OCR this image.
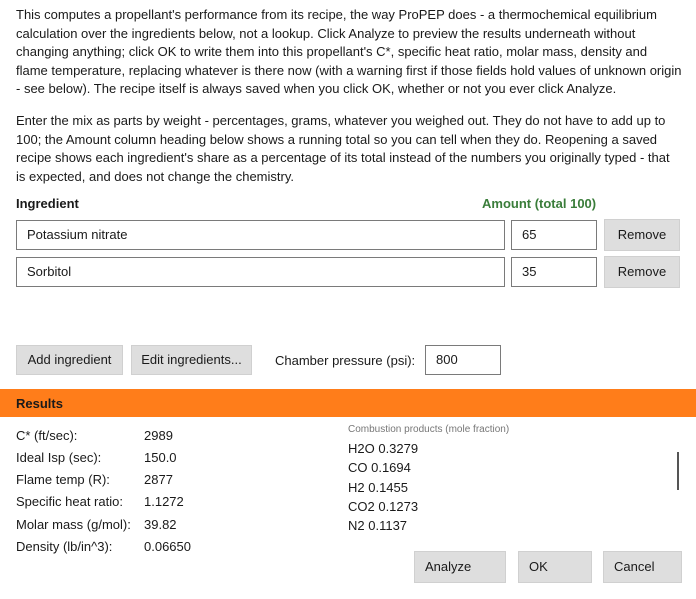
This computes a propellant's performance from its recipe, the way ProPEP does - a thermochemical equilibrium calculation over the ingredients below, not a lookup. Click Analyze to preview the results underneath without changing anything; click OK to write them into this propellant's C*, specific heat ratio, molar mass, density and flame temperature, replacing whatever is there now (with a warning first if those fields hold values of unknown origin - see below). The recipe itself is always saved when you click OK, whether or not you ever click Analyze.
Enter the mix as parts by weight - percentages, grams, whatever you weighed out. They do not have to add up to 100; the Amount column heading below shows a running total so you can tell when they do. Reopening a saved recipe shows each ingredient's share as a percentage of its total instead of the numbers you originally typed - that is expected, and does not change the chemistry.
Ingredient	Amount (total 100)
Potassium nitrate	65	Remove
Sorbitol	35	Remove
Add ingredient	Edit ingredients...	Chamber pressure (psi):	800
Results
C* (ft/sec):	2989
Ideal Isp (sec):	150.0
Flame temp (R):	2877
Specific heat ratio: 1.1272
Molar mass (g/mol): 39.82
Density (lb/in^3): 0.06650
Combustion products (mole fraction)
H2O 0.3279
CO 0.1694
H2 0.1455
CO2 0.1273
N2 0.1137
Analyze	OK	Cancel
